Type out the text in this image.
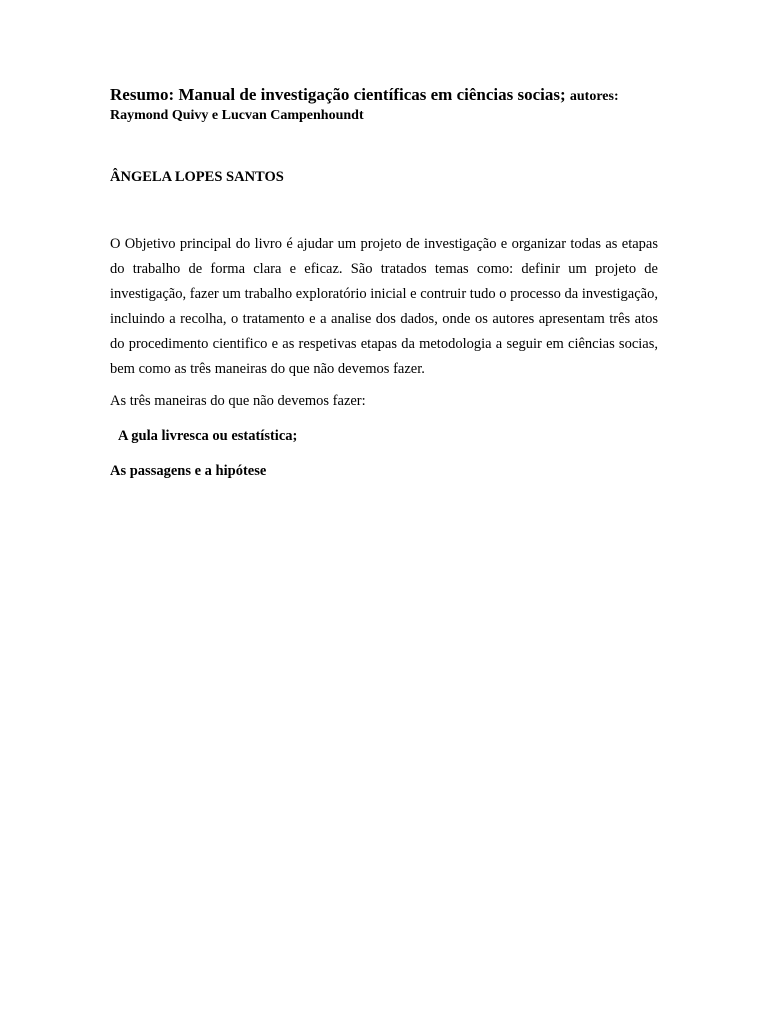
Resumo: Manual de investigação científicas em ciências socias; autores:

Raymond Quivy e Lucvan Campenhoundt

ÂNGELA LOPES SANTOS

O Objetivo principal do livro é ajudar um projeto de investigação e organizar todas as etapas do trabalho de forma clara e eficaz. São tratados temas como: definir um projeto de investigação, fazer um trabalho exploratório inicial e contruir tudo o processo da investigação, incluindo a recolha, o tratamento e a analise dos dados, onde os autores apresentam três atos do procedimento cientifico e as respetivas etapas da metodologia a seguir em ciências socias, bem como as três maneiras do que não devemos fazer.

As três maneiras do que não devemos fazer:

A gula livresca ou estatística;

As passagens e a hipótese
